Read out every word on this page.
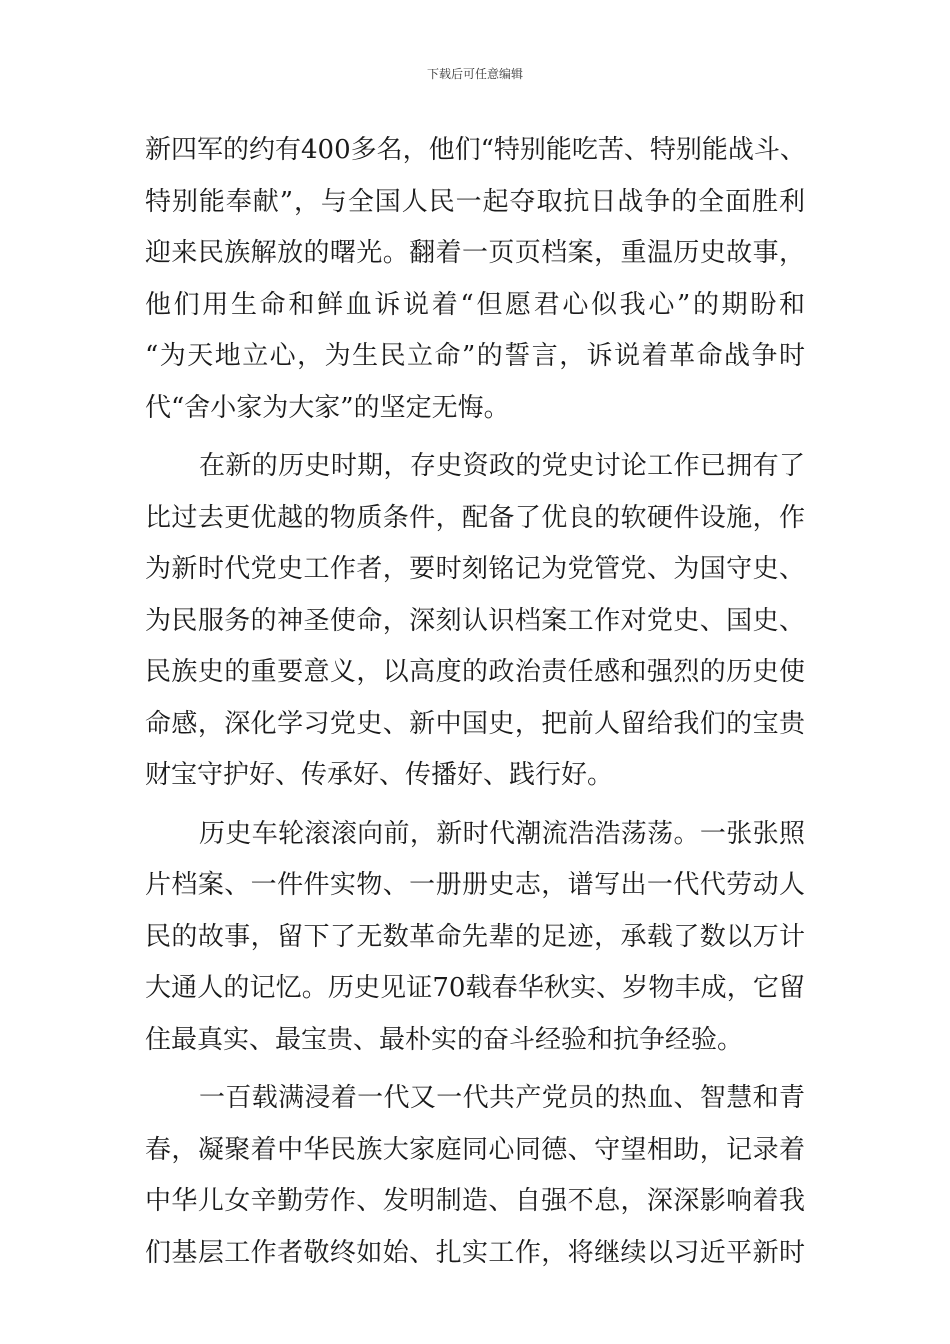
下载后可任意编辑
新四军的约有400多名，他们“特别能吃苦、特别能战斗、
特别能奉献”，与全国人民一起夺取抗日战争的全面胜利
迎来民族解放的曙光。翻着一页页档案，重温历史故事，
他们用生命和鲜血诉说着“但愿君心似我心”的期盼和
“为天地立心，为生民立命”的誓言，诉说着革命战争时
代“舍小家为大家”的坚定无悔。
在新的历史时期，存史资政的党史讨论工作已拥有了
比过去更优越的物质条件，配备了优良的软硬件设施，作
为新时代党史工作者，要时刻铭记为党管党、为国守史、
为民服务的神圣使命，深刻认识档案工作对党史、国史、
民族史的重要意义，以高度的政治责任感和强烈的历史使
命感，深化学习党史、新中国史，把前人留给我们的宝贵
财宝守护好、传承好、传播好、践行好。
历史车轮滚滚向前，新时代潮流浩浩荡荡。一张张照
片档案、一件件实物、一册册史志，谱写出一代代劳动人
民的故事，留下了无数革命先辈的足迹，承载了数以万计
大通人的记忆。历史见证70载春华秋实、岁物丰成，它留
住最真实、最宝贵、最朴实的奋斗经验和抗争经验。
一百载满浸着一代又一代共产党员的热血、智慧和青
春，凝聚着中华民族大家庭同心同德、守望相助，记录着
中华儿女辛勤劳作、发明制造、自强不息，深深影响着我
们基层工作者敬终如始、扎实工作，将继续以习近平新时
